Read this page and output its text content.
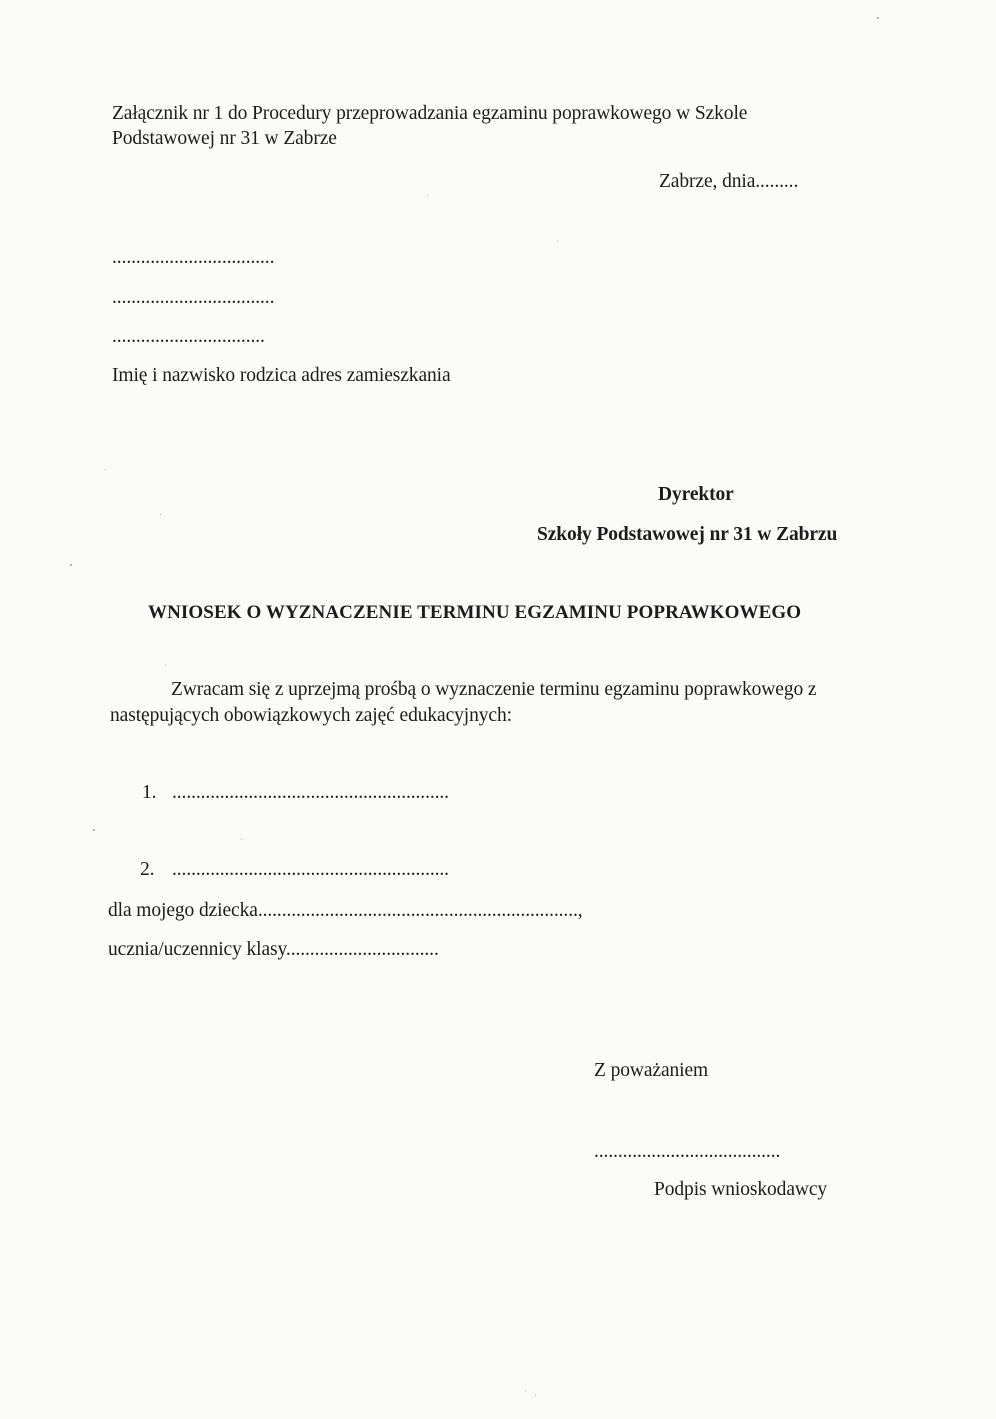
Załącznik nr 1 do Procedury przeprowadzania egzaminu poprawkowego w Szkole
Podstawowej nr 31 w Zabrze
Zabrze, dnia.........
..................................
..................................
................................
Imię i nazwisko rodzica adres zamieszkania
Dyrektor
Szkoły Podstawowej nr 31 w Zabrzu
WNIOSEK O WYZNACZENIE TERMINU EGZAMINU POPRAWKOWEGO
Zwracam się z uprzejmą prośbą o wyznaczenie terminu egzaminu poprawkowego z
następujących obowiązkowych zajęć edukacyjnych:
1. ..........................................................
2. ..........................................................
dla mojego dziecka...................................................................,
ucznia/uczennicy klasy................................
Z poważaniem
.......................................
Podpis wnioskodawcy
